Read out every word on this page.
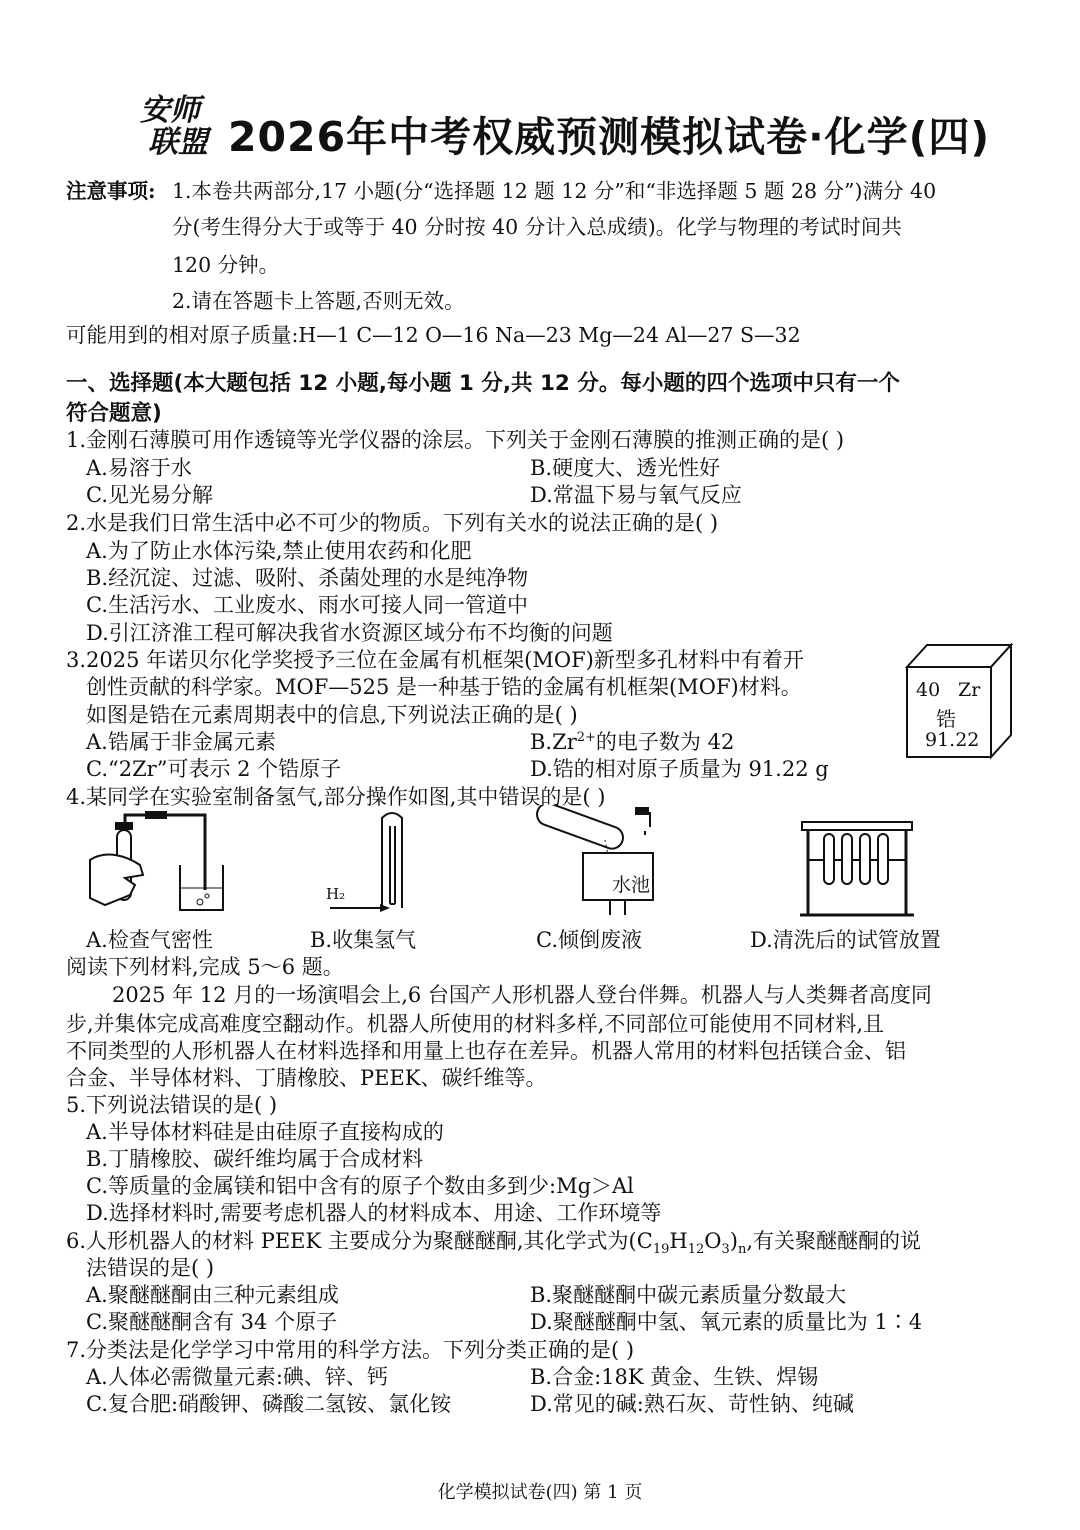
安师
联盟 2026年中考权威预测模拟试卷·化学(四)
注意事项: 1.本卷共两部分,17 小题(分“选择题 12 题 12 分”和“非选择题 5 题 28 分”)满分 40
分(考生得分大于或等于 40 分时按 40 分计入总成绩)。化学与物理的考试时间共
120 分钟。
2.请在答题卡上答题,否则无效。
可能用到的相对原子质量:H—1 C—12 O—16 Na—23 Mg—24 Al—27 S—32
一、选择题(本大题包括 12 小题,每小题 1 分,共 12 分。每小题的四个选项中只有一个
符合题意)
1.金刚石薄膜可用作透镜等光学仪器的涂层。下列关于金刚石薄膜的推测正确的是( )
A.易溶于水	B.硬度大、透光性好
C.见光易分解	D.常温下易与氧气反应
2.水是我们日常生活中必不可少的物质。下列有关水的说法正确的是( )
A.为了防止水体污染,禁止使用农药和化肥
B.经沉淀、过滤、吸附、杀菌处理的水是纯净物
C.生活污水、工业废水、雨水可接人同一管道中
D.引江济淮工程可解决我省水资源区域分布不均衡的问题
3.2025 年诺贝尔化学奖授予三位在金属有机框架(MOF)新型多孔材料中有着开
创性贡献的科学家。MOF—525 是一种基于锆的金属有机框架(MOF)材料。
如图是锆在元素周期表中的信息,下列说法正确的是( )
A.锆属于非金属元素	$B.Zr^{2+}$的电子数为 42
C.“2Zr”可表示 2 个锆原子	D.锆的相对原子质量为 91.22 g
40 Zr
锆
91.22
4.某同学在实验室制备氢气,部分操作如图,其中错误的是( )
H₂	水池
A.检查气密性	B.收集氢气	C.倾倒废液	D.清洗后的试管放置
阅读下列材料,完成 5～6 题。
2025 年 12 月的一场演唱会上,6 台国产人形机器人登台伴舞。机器人与人类舞者高度同
步,并集体完成高难度空翻动作。机器人所使用的材料多样,不同部位可能使用不同材料,且
不同类型的人形机器人在材料选择和用量上也存在差异。机器人常用的材料包括镁合金、铝
合金、半导体材料、丁腈橡胶、PEEK、碳纤维等。
5.下列说法错误的是( )
A.半导体材料硅是由硅原子直接构成的
B.丁腈橡胶、碳纤维均属于合成材料
C.等质量的金属镁和铝中含有的原子个数由多到少:Mg＞Al
D.选择材料时,需要考虑机器人的材料成本、用途、工作环境等
6.人形机器人的材料 PEEK 主要成分为聚醚醚酮,其化学式为$(C_{19}H_{12}O_3)_n$,有关聚醚醚酮的说
法错误的是( )
A.聚醚醚酮由三种元素组成	B.聚醚醚酮中碳元素质量分数最大
C.聚醚醚酮含有 34 个原子	D.聚醚醚酮中氢、氧元素的质量比为 1∶4
7.分类法是化学学习中常用的科学方法。下列分类正确的是( )
A.人体必需微量元素:碘、锌、钙	B.合金:18K 黄金、生铁、焊锡
C.复合肥:硝酸钾、磷酸二氢铵、氯化铵	D.常见的碱:熟石灰、苛性钠、纯碱
化学模拟试卷(四) 第 1 页
